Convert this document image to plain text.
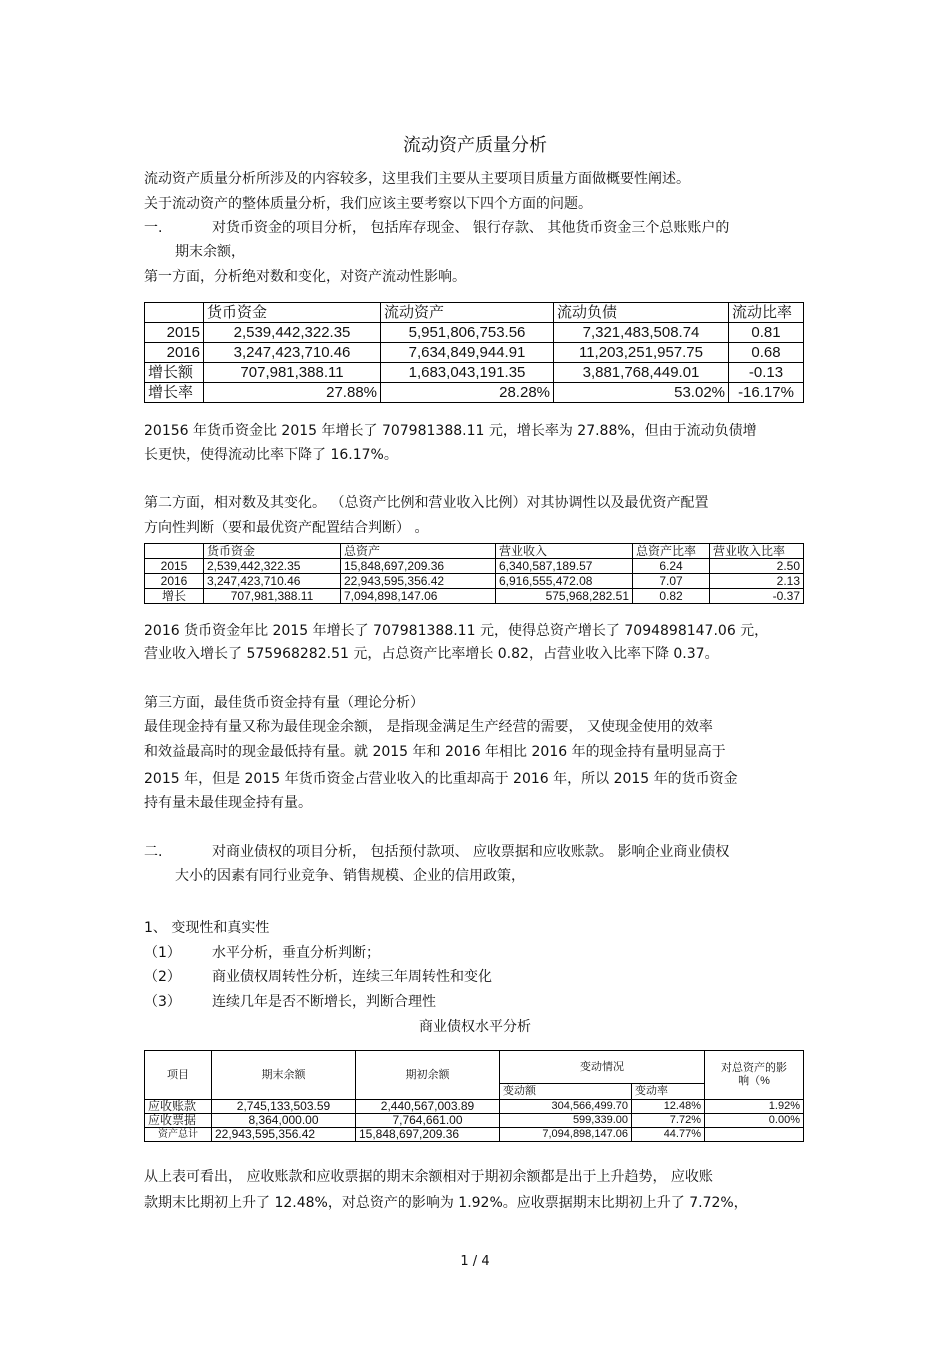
流动资产质量分析
流动资产质量分析所涉及的内容较多，这里我们主要从主要项目质量方面做概要性阐述。
关于流动资产的整体质量分析，我们应该主要考察以下四个方面的问题。
一.	对货币资金的项目分析， 包括库存现金、 银行存款、 其他货币资金三个总账账户的
期末余额，
第一方面，分析绝对数和变化，对资产流动性影响。
	货币资金	流动资产	流动负债	流动比率
2015	2,539,442,322.35	5,951,806,753.56	7,321,483,508.74	0.81
2016	3,247,423,710.46	7,634,849,944.91	11,203,251,957.75	0.68
增长额	707,981,388.11	1,683,043,191.35	3,881,768,449.01	-0.13
增长率	27.88%	28.28%	53.02%	-16.17%
20156 年货币资金比 2015 年增长了 707981388.11 元，增长率为 27.88%，但由于流动负债增
长更快，使得流动比率下降了 16.17%。
第二方面，相对数及其变化。 （总资产比例和营业收入比例）对其协调性以及最优资产配置
方向性判断（要和最优资产配置结合判断） 。
	货币资金	总资产	营业收入	总资产比率	营业收入比率
2015	2,539,442,322.35	15,848,697,209.36	6,340,587,189.57	6.24	2.50
2016	3,247,423,710.46	22,943,595,356.42	6,916,555,472.08	7.07	2.13
增长	707,981,388.11	7,094,898,147.06	575,968,282.51	0.82	-0.37
2016 货币资金年比 2015 年增长了 707981388.11 元，使得总资产增长了 7094898147.06 元，
营业收入增长了 575968282.51 元，占总资产比率增长 0.82，占营业收入比率下降 0.37。
第三方面，最佳货币资金持有量（理论分析）
最佳现金持有量又称为最佳现金余额， 是指现金满足生产经营的需要， 又使现金使用的效率
和效益最高时的现金最低持有量。就 2015 年和 2016 年相比 2016 年的现金持有量明显高于
2015 年，但是 2015 年货币资金占营业收入的比重却高于 2016 年，所以 2015 年的货币资金
持有量未最佳现金持有量。
二.	对商业债权的项目分析， 包括预付款项、 应收票据和应收账款。 影响企业商业债权
大小的因素有同行业竞争、销售规模、企业的信用政策，
1、 变现性和真实性
（1） 水平分析，垂直分析判断；
（2） 商业债权周转性分析，连续三年周转性和变化
（3） 连续几年是否不断增长，判断合理性
商业债权水平分析
项目	期末余额	期初余额	变动情况		对总资产的影
响（%

			变动额	变动率	
应收账款	2,745,133,503.59	2,440,567,003.89	304,566,499.70	12.48%	1.92%
应收票据	8,364,000.00	7,764,661.00	599,339.00	7.72%	0.00%
资产总计	22,943,595,356.42	15,848,697,209.36	7,094,898,147.06	44.77%	
从上表可看出， 应收账款和应收票据的期末余额相对于期初余额都是出于上升趋势， 应收账
款期末比期初上升了 12.48%，对总资产的影响为 1.92%。应收票据期末比期初上升了 7.72%，
1 / 4
